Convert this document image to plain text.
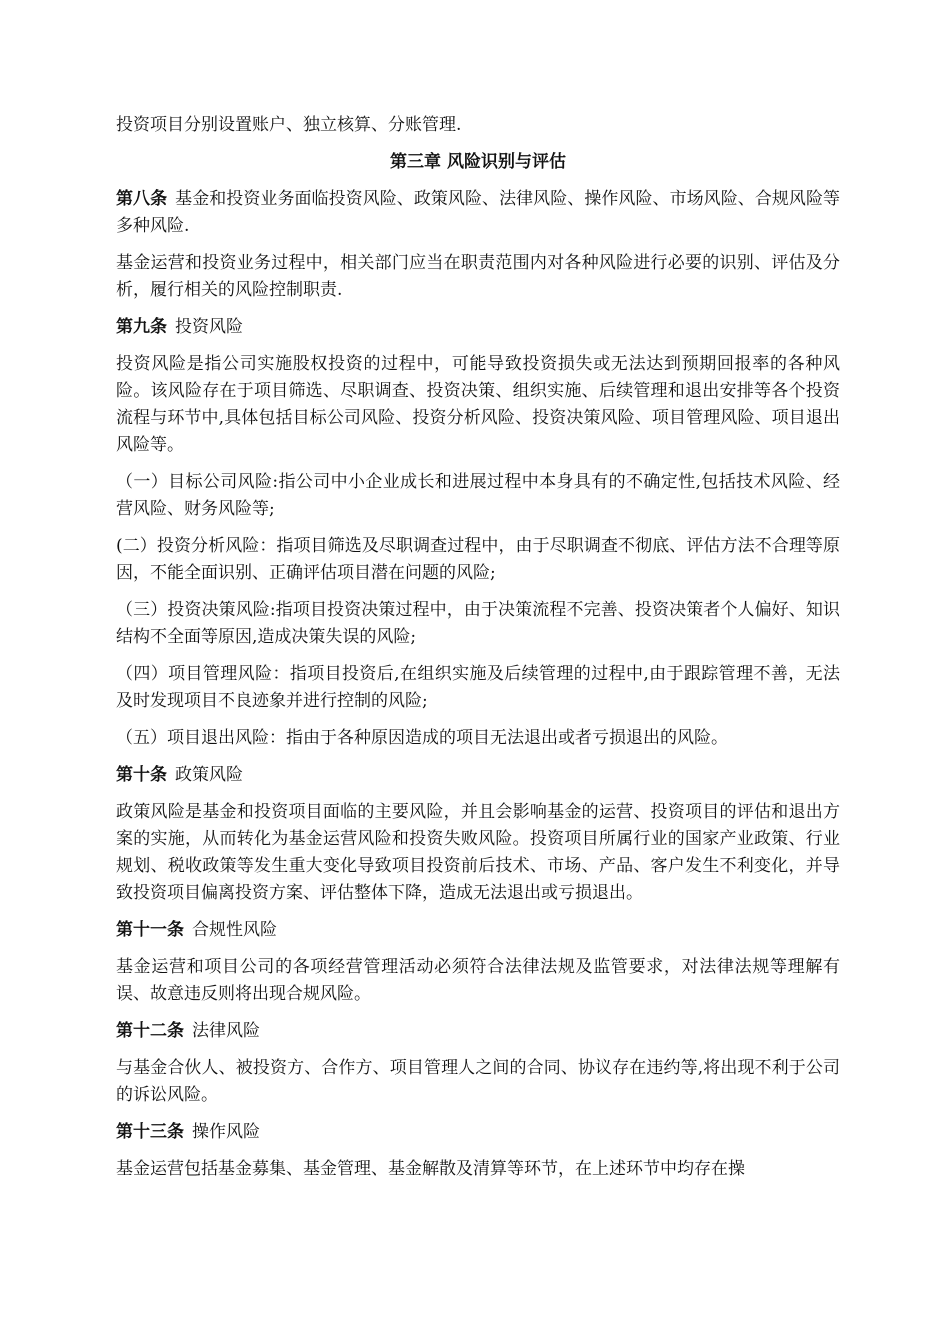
投资项目分别设置账户、独立核算、分账管理.

第三章 风险识别与评估

第八条 基金和投资业务面临投资风险、政策风险、法律风险、操作风险、市场风险、合规风险等多种风险.

基金运营和投资业务过程中，相关部门应当在职责范围内对各种风险进行必要的识别、评估及分析，履行相关的风险控制职责.

第九条 投资风险

投资风险是指公司实施股权投资的过程中，可能导致投资损失或无法达到预期回报率的各种风险。该风险存在于项目筛选、尽职调查、投资决策、组织实施、后续管理和退出安排等各个投资流程与环节中,具体包括目标公司风险、投资分析风险、投资决策风险、项目管理风险、项目退出风险等。

（一）目标公司风险:指公司中小企业成长和进展过程中本身具有的不确定性,包括技术风险、经营风险、财务风险等;

(二）投资分析风险：指项目筛选及尽职调查过程中，由于尽职调查不彻底、评估方法不合理等原因，不能全面识别、正确评估项目潜在问题的风险;

（三）投资决策风险:指项目投资决策过程中，由于决策流程不完善、投资决策者个人偏好、知识结构不全面等原因,造成决策失误的风险;

（四）项目管理风险：指项目投资后,在组织实施及后续管理的过程中,由于跟踪管理不善，无法及时发现项目不良迹象并进行控制的风险;

（五）项目退出风险：指由于各种原因造成的项目无法退出或者亏损退出的风险。

第十条 政策风险

政策风险是基金和投资项目面临的主要风险，并且会影响基金的运营、投资项目的评估和退出方案的实施，从而转化为基金运营风险和投资失败风险。投资项目所属行业的国家产业政策、行业规划、税收政策等发生重大变化导致项目投资前后技术、市场、产品、客户发生不利变化，并导致投资项目偏离投资方案、评估整体下降，造成无法退出或亏损退出。

第十一条 合规性风险

基金运营和项目公司的各项经营管理活动必须符合法律法规及监管要求，对法律法规等理解有误、故意违反则将出现合规风险。

第十二条 法律风险

与基金合伙人、被投资方、合作方、项目管理人之间的合同、协议存在违约等,将出现不利于公司的诉讼风险。

第十三条 操作风险

基金运营包括基金募集、基金管理、基金解散及清算等环节，在上述环节中均存在操
